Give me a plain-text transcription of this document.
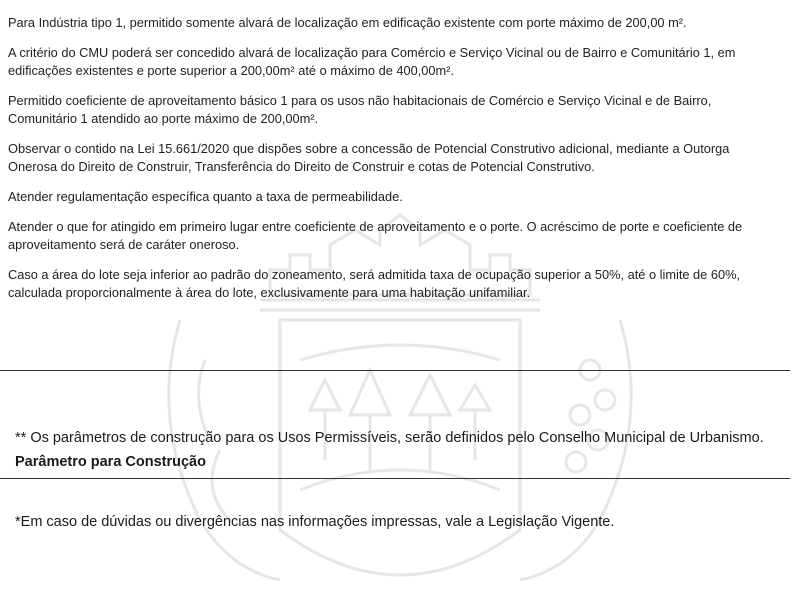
Para Indústria tipo 1, permitido somente alvará de localização em edificação existente com porte máximo de 200,00 m².

A critério do CMU poderá ser concedido alvará de localização para Comércio e Serviço Vicinal ou de Bairro e Comunitário 1, em edificações existentes e porte superior a 200,00m² até o máximo de 400,00m².

Permitido coeficiente de aproveitamento básico 1 para os usos não habitacionais de Comércio e Serviço Vicinal e de Bairro, Comunitário 1 atendido ao porte máximo de 200,00m².

Observar o contido na Lei 15.661/2020 que dispões sobre a concessão de Potencial Construtivo adicional, mediante a Outorga Onerosa do Direito de Construir, Transferência do Direito de Construir e cotas de Potencial Construtivo.

Atender regulamentação específica quanto a taxa de permeabilidade.

Atender o que for atingido em primeiro lugar entre coeficiente de aproveitamento e o porte. O acréscimo de porte e coeficiente de aproveitamento será de caráter oneroso.

Caso a área do lote seja inferior ao padrão do zoneamento, será admitida taxa de ocupação superior a 50%, até o limite de 60%, calculada proporcionalmente à área do lote, exclusivamente para uma habitação unifamiliar.

** Os parâmetros de construção para os Usos Permissíveis, serão definidos pelo Conselho Municipal de Urbanismo.
Parâmetro para Construção
*Em caso de dúvidas ou divergências nas informações impressas, vale a Legislação Vigente.
